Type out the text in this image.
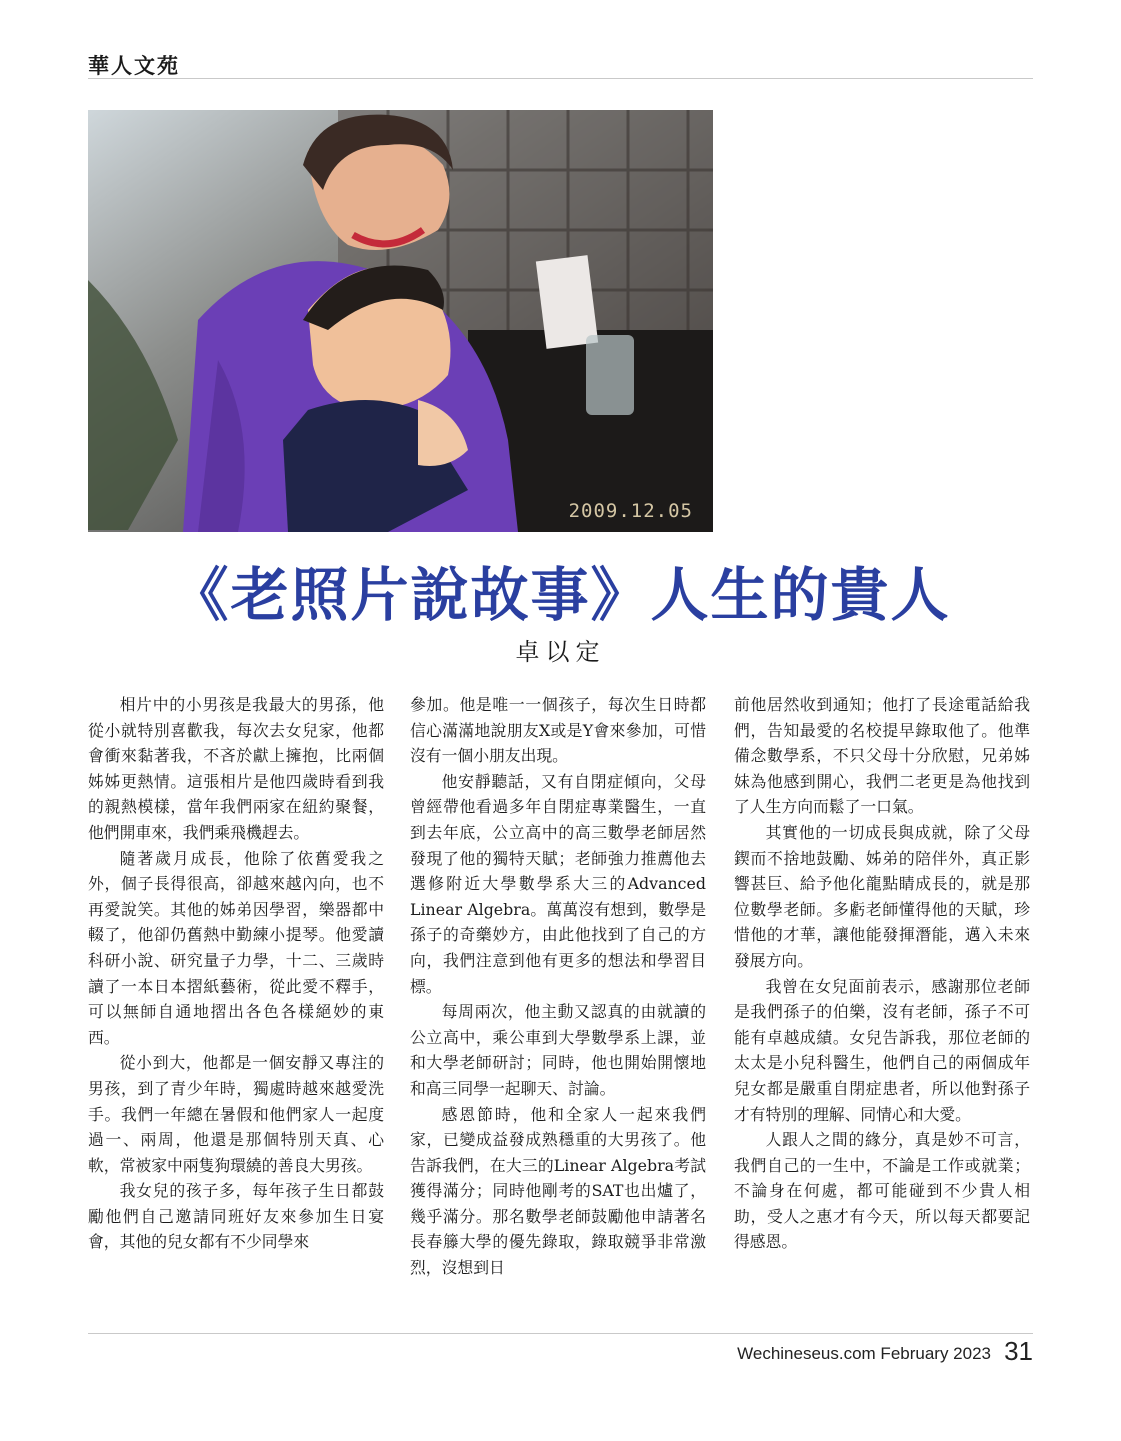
華人文苑
2009.12.05
《老照片說故事》人生的貴人
卓以定

相片中的小男孩是我最大的男孫，他從小就特別喜歡我，每次去女兒家，他都會衝來黏著我，不吝於獻上擁抱，比兩個姊姊更熱情。這張相片是他四歲時看到我的親熱模樣，當年我們兩家在紐約聚餐，他們開車來，我們乘飛機趕去。

隨著歲月成長，他除了依舊愛我之外，個子長得很高，卻越來越內向，也不再愛說笑。其他的姊弟因學習，樂器都中輟了，他卻仍舊熱中勤練小提琴。他愛讀科研小說、研究量子力學，十二、三歲時讀了一本日本摺紙藝術，從此愛不釋手，可以無師自通地摺出各色各樣絕妙的東西。

從小到大，他都是一個安靜又專注的男孩，到了青少年時，獨處時越來越愛洗手。我們一年總在暑假和他們家人一起度過一、兩周，他還是那個特別天真、心軟，常被家中兩隻狗環繞的善良大男孩。

我女兒的孩子多，每年孩子生日都鼓勵他們自己邀請同班好友來參加生日宴會，其他的兒女都有不少同學來

參加。他是唯一一個孩子，每次生日時都信心滿滿地說朋友X或是Y會來參加，可惜沒有一個小朋友出現。

他安靜聽話，又有自閉症傾向，父母曾經帶他看過多年自閉症專業醫生，一直到去年底，公立高中的高三數學老師居然發現了他的獨特天賦；老師強力推薦他去選修附近大學數學系大三的Advanced Linear Algebra。萬萬沒有想到，數學是孫子的奇藥妙方，由此他找到了自己的方向，我們注意到他有更多的想法和學習目標。

每周兩次，他主動又認真的由就讀的公立高中，乘公車到大學數學系上課，並和大學老師研討；同時，他也開始開懷地和高三同學一起聊天、討論。

感恩節時，他和全家人一起來我們家，已變成益發成熟穩重的大男孩了。他告訴我們，在大三的Linear Algebra考試獲得滿分；同時他剛考的SAT也出爐了，幾乎滿分。那名數學老師鼓勵他申請著名長春籐大學的優先錄取，錄取競爭非常激烈，沒想到日

前他居然收到通知；他打了長途電話給我們，告知最愛的名校提早錄取他了。他準備念數學系，不只父母十分欣慰，兄弟姊妹為他感到開心，我們二老更是為他找到了人生方向而鬆了一口氣。

其實他的一切成長與成就，除了父母鍥而不捨地鼓勵、姊弟的陪伴外，真正影響甚巨、給予他化龍點睛成長的，就是那位數學老師。多虧老師懂得他的天賦，珍惜他的才華，讓他能發揮潛能，邁入未來發展方向。

我曾在女兒面前表示，感謝那位老師是我們孫子的伯樂，沒有老師，孫子不可能有卓越成績。女兒告訴我，那位老師的太太是小兒科醫生，他們自己的兩個成年兒女都是嚴重自閉症患者，所以他對孫子才有特別的理解、同情心和大愛。

人跟人之間的緣分，真是妙不可言，我們自己的一生中，不論是工作或就業；不論身在何處，都可能碰到不少貴人相助，受人之惠才有今天，所以每天都要記得感恩。

Wechineseus.com February 2023 31
